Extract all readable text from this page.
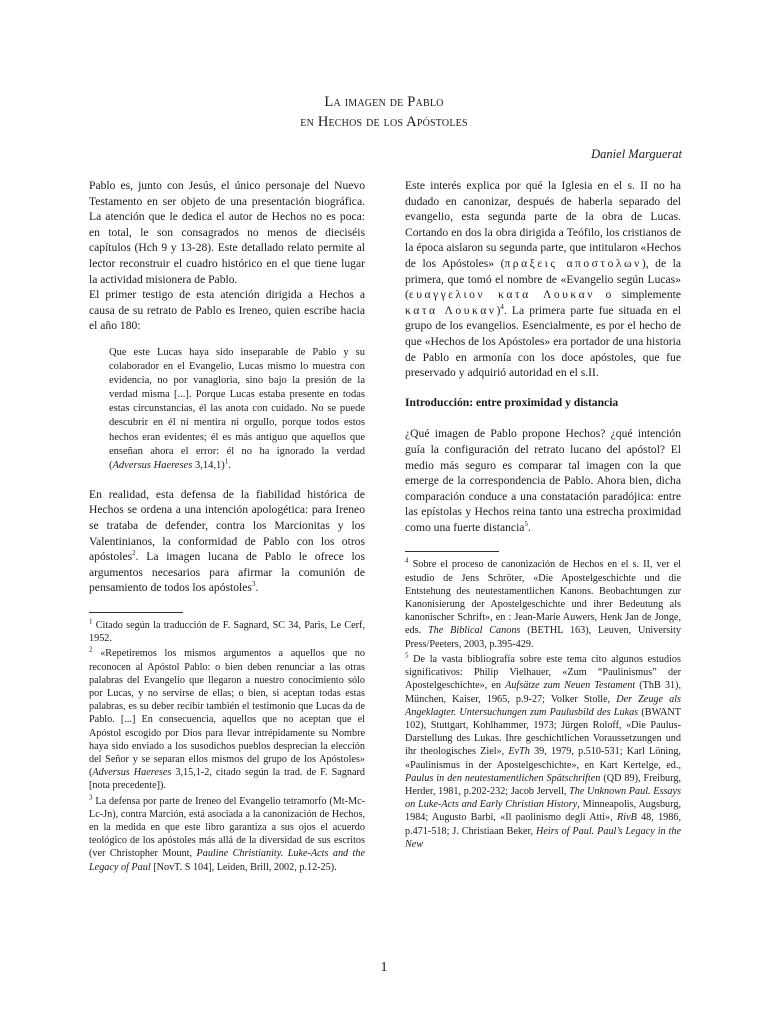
La imagen de Pablo
en Hechos de los Apóstoles
Daniel Marguerat

Pablo es, junto con Jesús, el único personaje del Nuevo Testamento en ser objeto de una presentación biográfica. La atención que le dedica el autor de Hechos no es poca: en total, le son consagrados no menos de dieciséis capítulos (Hch 9 y 13-28). Este detallado relato permite al lector reconstruir el cuadro histórico en el que tiene lugar la actividad misionera de Pablo.

El primer testigo de esta atención dirigida a Hechos a causa de su retrato de Pablo es Ireneo, quien escribe hacia el año 180:

Que este Lucas haya sido inseparable de Pablo y su colaborador en el Evangelio, Lucas mismo lo muestra con evidencia, no por vanagloria, sino bajo la presión de la verdad misma [...]. Porque Lucas estaba presente en todas estas circunstancias, él las anota con cuidado. No se puede descubrir en él ni mentira ni orgullo, porque todos estos hechos eran evidentes; él es más antiguo que aquellos que enseñan ahora el error: él no ha ignorado la verdad (Adversus Haereses 3,14,1)$^1$.

En realidad, esta defensa de la fiabilidad histórica de Hechos se ordena a una intención apologética: para Ireneo se trataba de defender, contra los Marcionitas y los Valentinianos, la conformidad de Pablo con los otros apóstoles$^2$. La imagen lucana de Pablo le ofrece los argumentos necesarios para afirmar la comunión de pensamiento de todos los apóstoles$^3$.

$^1$ Citado según la traducción de F. Sagnard, SC 34, Paris, Le Cerf, 1952.
$^2$ «Repetiremos los mismos argumentos a aquellos que no reconocen al Apóstol Pablo: o bien deben renunciar a las otras palabras del Evangelio que llegaron a nuestro conocimiento sólo por Lucas, y no servirse de ellas; o bien, si aceptan todas estas palabras, es su deber recibir también el testimonio que Lucas da de Pablo. [...] En consecuencia, aquellos que no aceptan que el Apóstol escogido por Dios para llevar intrépidamente su Nombre haya sido enviado a los susodichos pueblos desprecian la elección del Señor y se separan ellos mismos del grupo de los Apóstoles» (Adversus Haereses 3,15,1-2, citado según la trad. de F. Sagnard [nota precedente]).
$^3$ La defensa por parte de Ireneo del Evangelio tetramorfo (Mt-Mc-Lc-Jn), contra Marción, está asociada a la canonización de Hechos, en la medida en que este libro garantiza a sus ojos el acuerdo teológico de los apóstoles más allá de la diversidad de sus escritos (ver Christopher Mount, Pauline Christianity. Luke-Acts and the Legacy of Paul [NovT. S 104], Leiden, Brill, 2002, p.12-25).

Este interés explica por qué la Iglesia en el s. II no ha dudado en canonizar, después de haberla separado del evangelio, esta segunda parte de la obra de Lucas. Cortando en dos la obra dirigida a Teófilo, los cristianos de la época aislaron su segunda parte, que intitularon «Hechos de los Apóstoles» (πραξεις αποστολων), de la primera, que tomó el nombre de «Evangelio según Lucas» (ευαγγελιον κατα Λουκαν o simplemente κατα Λουκαν)$^4$. La primera parte fue situada en el grupo de los evangelios. Esencialmente, es por el hecho de que «Hechos de los Apóstoles» era portador de una historia de Pablo en armonía con los doce apóstoles, que fue preservado y adquirió autoridad en el s.II.

Introducción: entre proximidad y distancia

¿Qué imagen de Pablo propone Hechos? ¿qué intención guía la configuración del retrato lucano del apóstol? El medio más seguro es comparar tal imagen con la que emerge de la correspondencia de Pablo. Ahora bien, dicha comparación conduce a una constatación paradójica: entre las epístolas y Hechos reina tanto una estrecha proximidad como una fuerte distancia$^5$.

$^4$ Sobre el proceso de canonización de Hechos en el s. II, ver el estudio de Jens Schröter, «Die Apostelgeschichte und die Entstehung des neutestamentlichen Kanons. Beobachtungen zur Kanonisierung der Apostelgeschichte und ihrer Bedeutung als kanonischer Schrift», en : Jean-Marie Auwers, Henk Jan de Jonge, eds. The Biblical Canons (BETHL 163), Leuven, University Press/Peeters, 2003, p.395-429.
$^5$ De la vasta bibliografía sobre este tema cito algunos estudios significativos: Philip Vielhauer, «Zum “Paulinismus” der Apostelgeschichte», en Aufsätze zum Neuen Testament (ThB 31), München, Kaiser, 1965, p.9-27; Volker Stolle, Der Zeuge als Angeklagter. Untersuchungen zum Paulusbild des Lukas (BWANT 102), Stuttgart, Kohlhammer, 1973; Jürgen Roloff, «Die Paulus-Darstellung des Lukas. Ihre geschichtlichen Voraussetzungen und ihr theologisches Ziel», EvTh 39, 1979, p.510-531; Karl Löning, «Paulinismus in der Apostelgeschichte», en Kart Kertelge, ed., Paulus in den neutestamentlichen Spätschriften (QD 89), Freiburg, Herder, 1981, p.202-232; Jacob Jervell, The Unknown Paul. Essays on Luke-Acts and Early Christian History, Minneapolis, Augsburg, 1984; Augusto Barbi, «Il paolinismo degli Atti», RivB 48, 1986, p.471-518; J. Christiaan Beker, Heirs of Paul. Paul’s Legacy in the New
1
